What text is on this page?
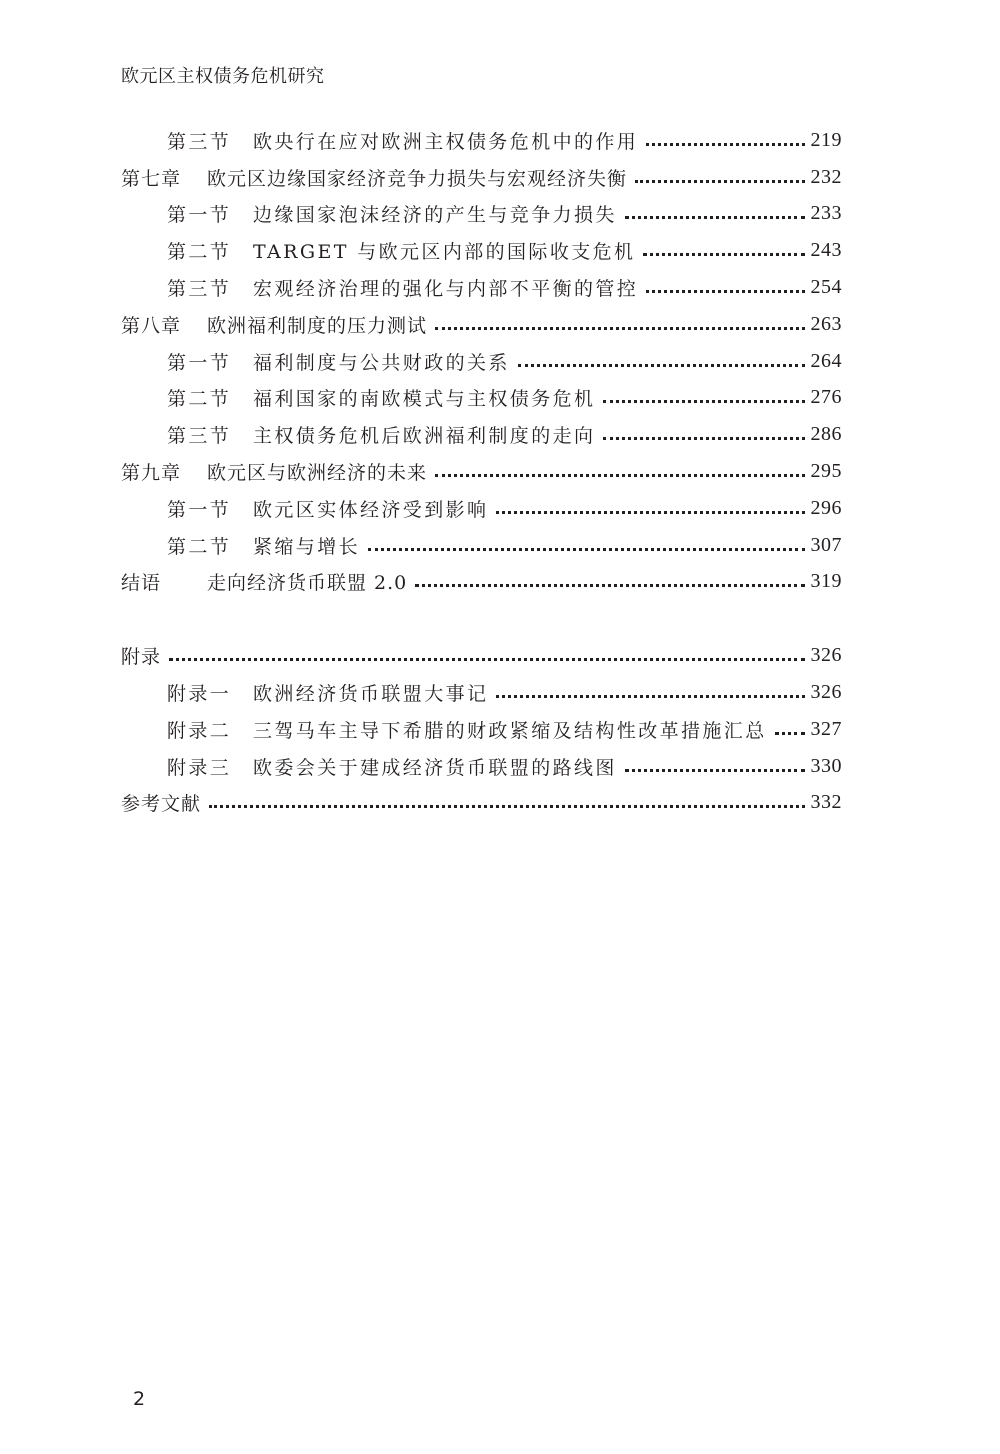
欧元区主权债务危机研究
第三节 欧央行在应对欧洲主权债务危机中的作用	219
第七章 欧元区边缘国家经济竞争力损失与宏观经济失衡	232
第一节 边缘国家泡沫经济的产生与竞争力损失	233
第二节 TARGET 与欧元区内部的国际收支危机	243
第三节 宏观经济治理的强化与内部不平衡的管控	254
第八章 欧洲福利制度的压力测试	263
第一节 福利制度与公共财政的关系	264
第二节 福利国家的南欧模式与主权债务危机	276
第三节 主权债务危机后欧洲福利制度的走向	286
第九章 欧元区与欧洲经济的未来	295
第一节 欧元区实体经济受到影响	296
第二节 紧缩与增长	307
结语 走向经济货币联盟 2.0	319
附录	326
附录一 欧洲经济货币联盟大事记	326
附录二 三驾马车主导下希腊的财政紧缩及结构性改革措施汇总 327
附录三 欧委会关于建成经济货币联盟的路线图	330
参考文献	332
2
